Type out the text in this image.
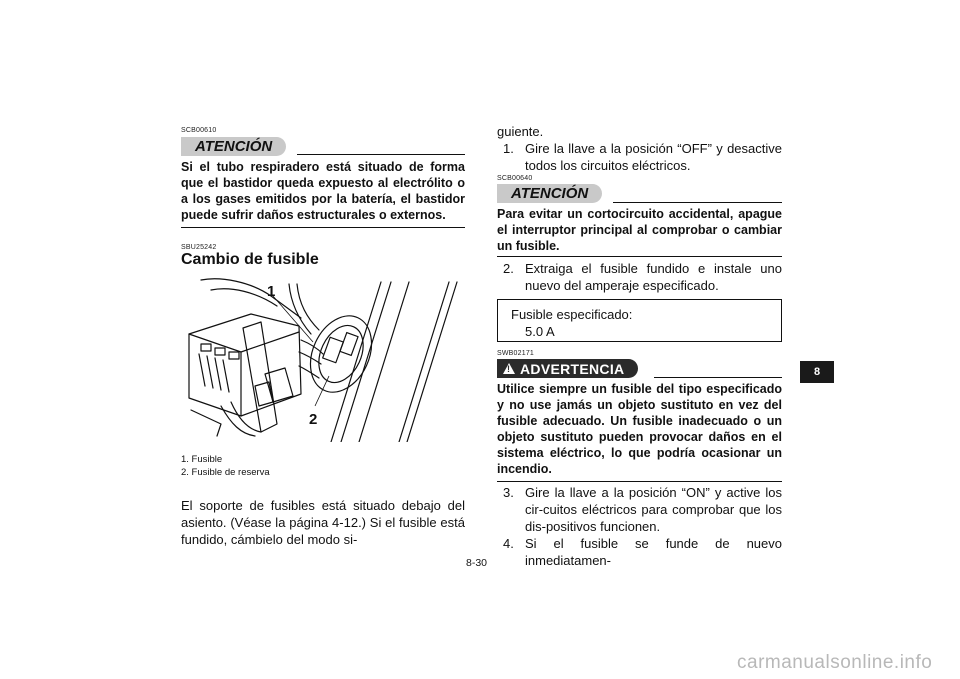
SCB00610
ATENCIÓN
Si el tubo respiradero está situado de forma que el bastidor queda expuesto al electrólito o a los gases emitidos por la batería, el bastidor puede sufrir daños estructurales o externos.
SBU25242
Cambio de fusible
1
2
1. Fusible
2. Fusible de reserva
El soporte de fusibles está situado debajo del asiento. (Véase la página 4-12.) Si el fusible está fundido, cámbielo del modo si-
guiente.
1. Gire la llave a la posición “OFF” y desactive todos los circuitos eléctricos.
SCB00640
ATENCIÓN
Para evitar un cortocircuito accidental, apague el interruptor principal al comprobar o cambiar un fusible.
2. Extraiga el fusible fundido e instale uno nuevo del amperaje especificado.
Fusible especificado:
5.0 A
SWB02171
!
ADVERTENCIA
Utilice siempre un fusible del tipo especificado y no use jamás un objeto sustituto en vez del fusible adecuado. Un fusible inadecuado o un objeto sustituto pueden provocar daños en el sistema eléctrico, lo que podría ocasionar un incendio.
3. Gire la llave a la posición “ON” y active los cir-cuitos eléctricos para comprobar que los dis-positivos funcionen.
4. Si el fusible se funde de nuevo inmediatamen-
8-30
8
carmanualsonline.info
